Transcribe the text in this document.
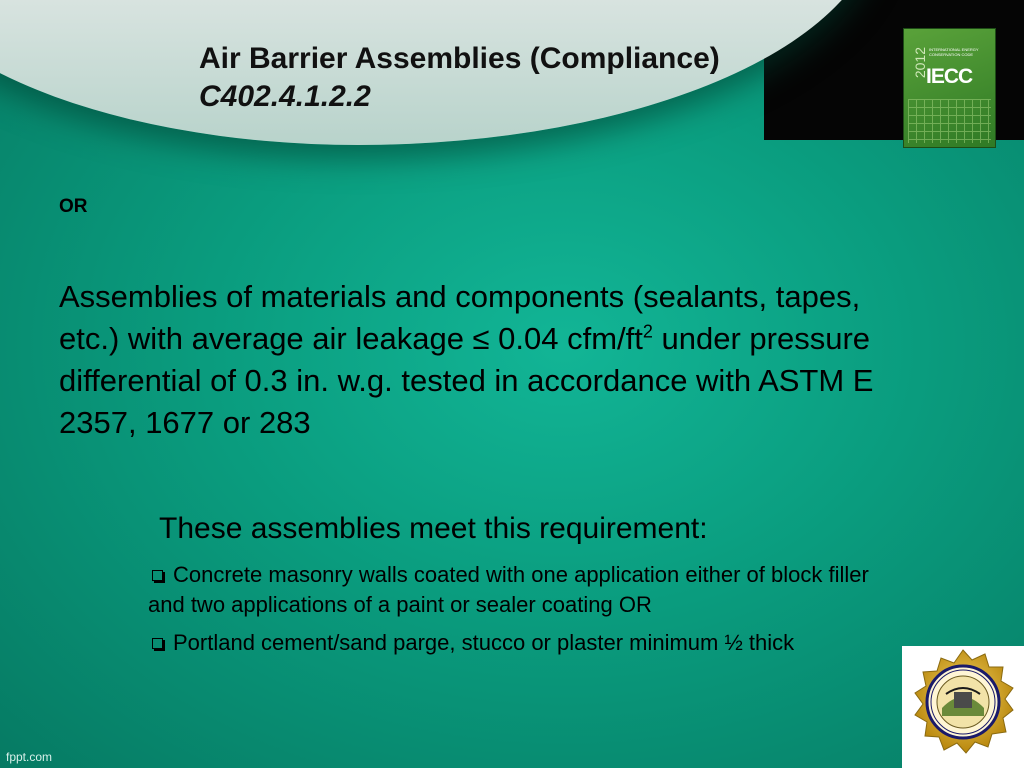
Air Barrier Assemblies (Compliance)
C402.4.1.2.2
2012 INTERNATIONAL ENERGY CONSERVATION CODE
IECC
OR

Assemblies of materials and components (sealants, tapes, etc.) with average air leakage ≤ 0.04 cfm/$ft^2$ under pressure differential of 0.3 in. w.g. tested in accordance with ASTM E 2357, 1677 or 283

These assemblies meet this requirement:

Concrete masonry walls coated with one application either of block filler and two applications of a paint or sealer coating OR
Portland cement/sand parge, stucco or plaster minimum ½ thick
fppt.com
